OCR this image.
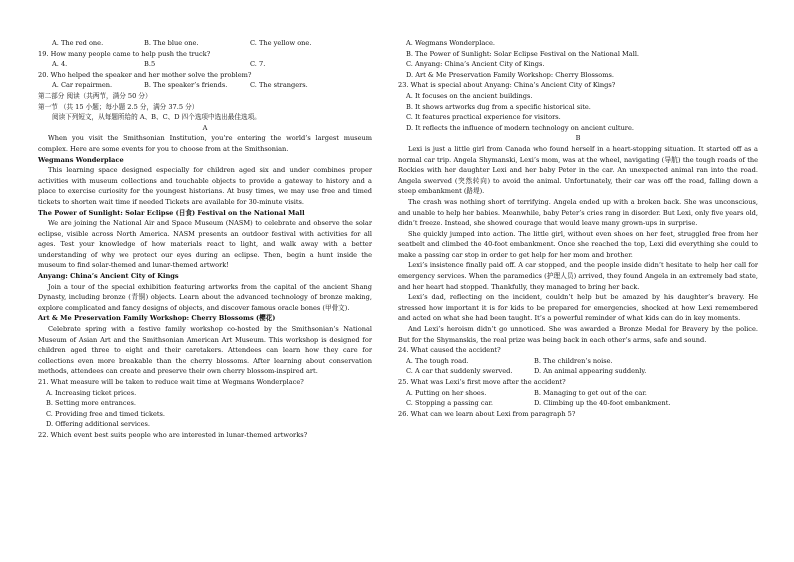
A. The red one.	B. The blue one.	C. The yellow one.
19. How many people came to help push the truck?
A. 4.	B.5	C. 7.
20. Who helped the speaker and her mother solve the problem?
A. Car repairmen.	B. The speaker’s friends.	C. The strangers.
第二部分 阅读（共两节，满分 50 分）
第一节 （共 15 小题；每小题 2.5 分，满分 37.5 分）
阅读下列短文，从每题所给的 A、B、C、D 四个选项中选出最佳选项。
A

When you visit the Smithsonian Institution, you’re entering the world’s largest museum complex. Here are some events for you to choose from at the Smithsonian.

Wegmans Wonderplace

This learning space designed especially for children aged six and under combines proper activities with museum collections and touchable objects to provide a gateway to history and a place to exercise curiosity for the youngest historians. At busy times, we may use free and timed tickets to shorten wait time if needed Tickets are available for 30-minute visits.

The Power of Sunlight: Solar Eclipse (日食) Festival on the National Mall

We are joining the National Air and Space Museum (NASM) to celebrate and observe the solar eclipse, visible across North America. NASM presents an outdoor festival with activities for all ages. Test your knowledge of how materials react to light, and walk away with a better understanding of why we protect our eyes during an eclipse. Then, begin a hunt inside the museum to find solar-themed and lunar-themed artwork!

Anyang: China’s Ancient City of Kings

Join a tour of the special exhibition featuring artworks from the capital of the ancient Shang Dynasty, including bronze (青铜) objects. Learn about the advanced technology of bronze making, explore complicated and fancy designs of objects, and discover famous oracle bones (甲骨文).

Art & Me Preservation Family Workshop: Cherry Blossoms (樱花)

Celebrate spring with a festive family workshop co-hosted by the Smithsonian’s National Museum of Asian Art and the Smithsonian American Art Museum. This workshop is designed for children aged three to eight and their caretakers. Attendees can learn how they care for collections even more breakable than the cherry blossoms. After learning about conservation methods, attendees can create and preserve their own cherry blossom-inspired art.

21. What measure will be taken to reduce wait time at Wegmans Wonderplace?
A. Increasing ticket prices.
B. Setting more entrances.
C. Providing free and timed tickets.
D. Offering additional services.
22. Which event best suits people who are interested in lunar-themed artworks?
A. Wegmans Wonderplace.
B. The Power of Sunlight: Solar Eclipse Festival on the National Mall.
C. Anyang: China’s Ancient City of Kings.
D. Art & Me Preservation Family Workshop: Cherry Blossoms.
23. What is special about Anyang: China’s Ancient City of Kings?
A. It focuses on the ancient buildings.
B. It shows artworks dug from a specific historical site.
C. It features practical experience for visitors.
D. It reflects the influence of modern technology on ancient culture.
B

Lexi is just a little girl from Canada who found herself in a heart-stopping situation. It started off as a normal car trip. Angela Shymanski, Lexi’s mom, was at the wheel, navigating (导航) the tough roads of the Rockies with her daughter Lexi and her baby Peter in the car. An unexpected animal ran into the road. Angela swerved (突然转向) to avoid the animal. Unfortunately, their car was off the road, falling down a steep embankment (路堤).

The crash was nothing short of terrifying. Angela ended up with a broken back. She was unconscious, and unable to help her babies. Meanwhile, baby Peter’s cries rang in disorder. But Lexi, only five years old, didn’t freeze. Instead, she showed courage that would leave many grown-ups in surprise.

She quickly jumped into action. The little girl, without even shoes on her feet, struggled free from her seatbelt and climbed the 40-foot embankment. Once she reached the top, Lexi did everything she could to make a passing car stop in order to get help for her mom and brother.

Lexi’s insistence finally paid off. A car stopped, and the people inside didn’t hesitate to help her call for emergency services. When the paramedics (护理人员) arrived, they found Angela in an extremely bad state, and her heart had stopped. Thankfully, they managed to bring her back.

Lexi’s dad, reflecting on the incident, couldn’t help but be amazed by his daughter’s bravery. He stressed how important it is for kids to be prepared for emergencies, shocked at how Lexi remembered and acted on what she had been taught. It’s a powerful reminder of what kids can do in key moments.

And Lexi’s heroism didn’t go unnoticed. She was awarded a Bronze Medal for Bravery by the police. But for the Shymanskis, the real prize was being back in each other’s arms, safe and sound.

24. What caused the accident?
A. The tough road.	B. The children’s noise.
C. A car that suddenly swerved.	D. An animal appearing suddenly.
25. What was Lexi’s first move after the accident?
A. Putting on her shoes.	B. Managing to get out of the car.
C. Stopping a passing car.	D. Climbing up the 40-foot embankment.
26. What can we learn about Lexi from paragraph 5?
